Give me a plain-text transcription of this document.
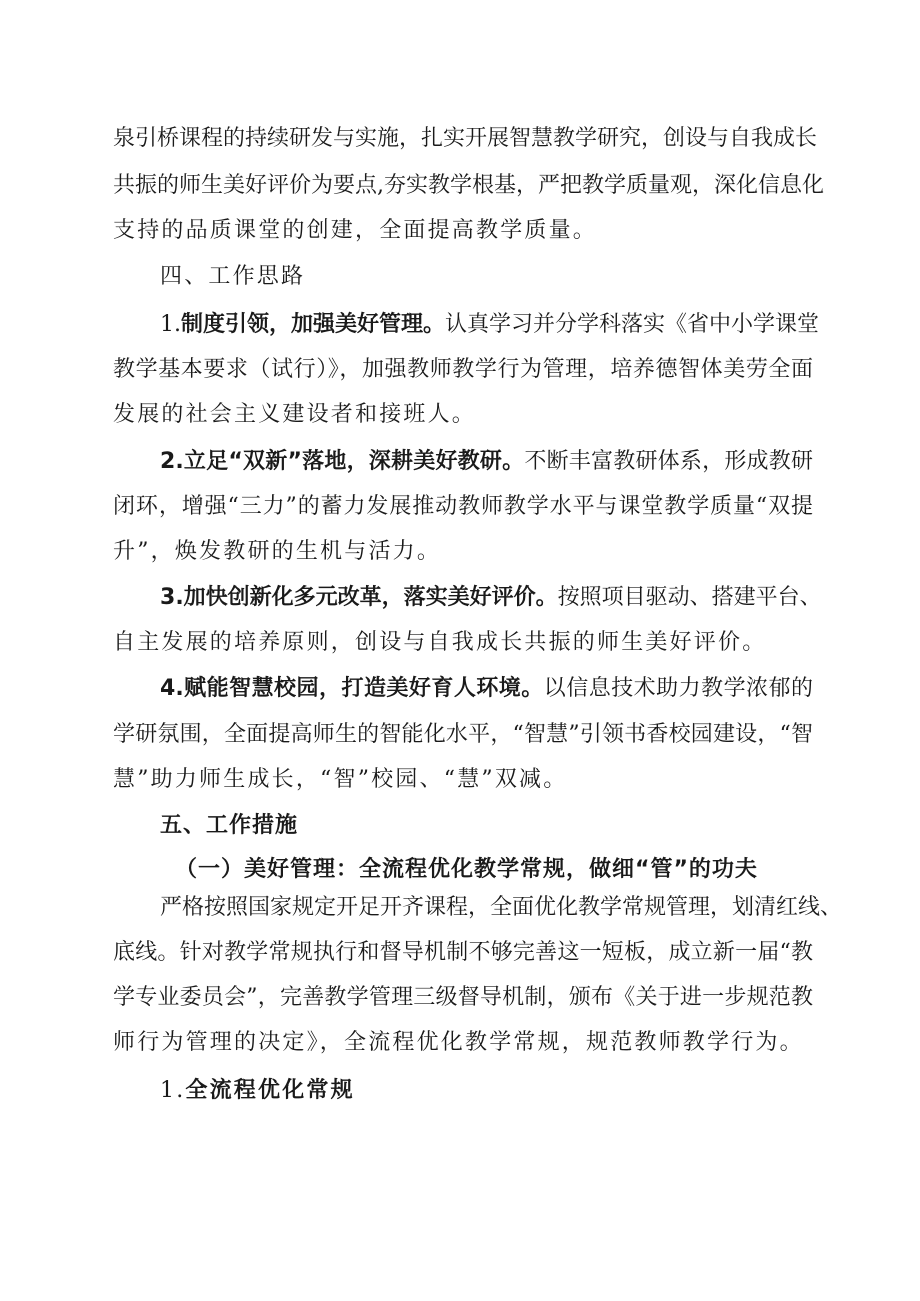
泉引桥课程的持续研发与实施，扎实开展智慧教学研究，创设与自我成长
共振的师生美好评价为要点,夯实教学根基，严把教学质量观，深化信息化
支持的品质课堂的创建，全面提高教学质量。
四、工作思路
1.制度引领，加强美好管理。认真学习并分学科落实《省中小学课堂
教学基本要求（试行）》，加强教师教学行为管理，培养德智体美劳全面
发展的社会主义建设者和接班人。
2.立足“双新”落地，深耕美好教研。不断丰富教研体系，形成教研
闭环，增强“三力”的蓄力发展推动教师教学水平与课堂教学质量“双提
升”，焕发教研的生机与活力。
3.加快创新化多元改革，落实美好评价。按照项目驱动、搭建平台、
自主发展的培养原则，创设与自我成长共振的师生美好评价。
4.赋能智慧校园，打造美好育人环境。以信息技术助力教学浓郁的
学研氛围，全面提高师生的智能化水平，“智慧”引领书香校园建设，“智
慧”助力师生成长，“智”校园、“慧”双减。
五、工作措施
（一）美好管理：全流程优化教学常规，做细“管”的功夫
严格按照国家规定开足开齐课程，全面优化教学常规管理，划清红线、
底线。针对教学常规执行和督导机制不够完善这一短板，成立新一届“教
学专业委员会”，完善教学管理三级督导机制，颁布《关于进一步规范教
师行为管理的决定》，全流程优化教学常规，规范教师教学行为。
1.全流程优化常规
